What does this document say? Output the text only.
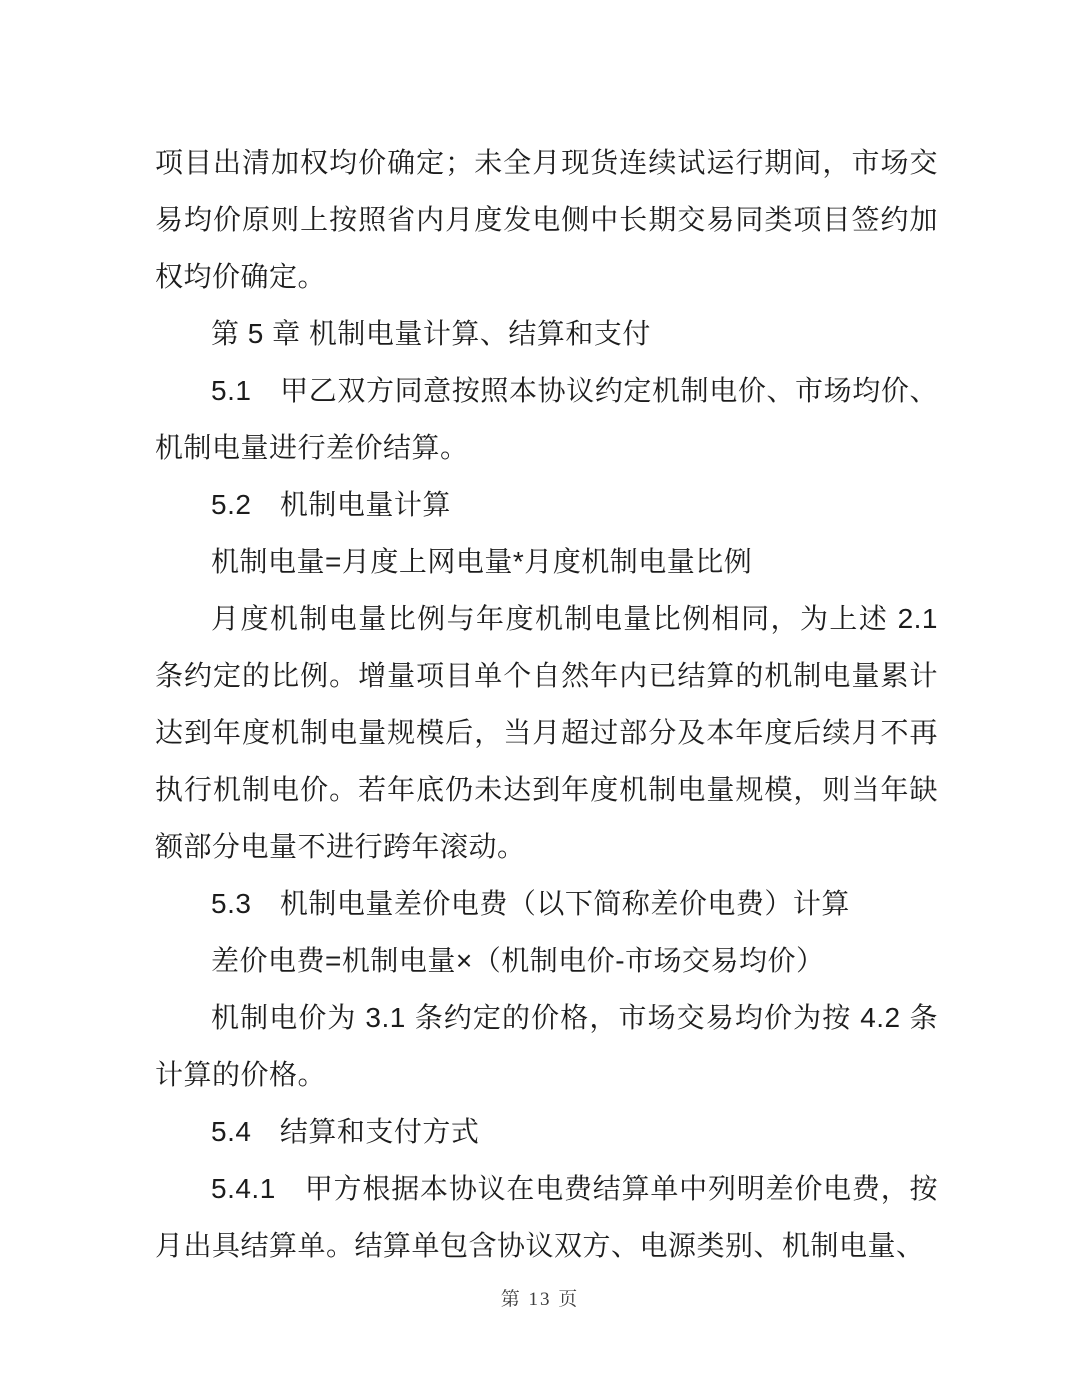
项目出清加权均价确定；未全月现货连续试运行期间，市场交易均价原则上按照省内月度发电侧中长期交易同类项目签约加权均价确定。

第 5 章 机制电量计算、结算和支付

5.1　甲乙双方同意按照本协议约定机制电价、市场均价、机制电量进行差价结算。

5.2　机制电量计算

机制电量=月度上网电量*月度机制电量比例

月度机制电量比例与年度机制电量比例相同，为上述 2.1 条约定的比例。增量项目单个自然年内已结算的机制电量累计达到年度机制电量规模后，当月超过部分及本年度后续月不再执行机制电价。若年底仍未达到年度机制电量规模，则当年缺额部分电量不进行跨年滚动。

5.3　机制电量差价电费（以下简称差价电费）计算

差价电费=机制电量×（机制电价-市场交易均价）

机制电价为 3.1 条约定的价格，市场交易均价为按 4.2 条计算的价格。

5.4　结算和支付方式

5.4.1　甲方根据本协议在电费结算单中列明差价电费，按月出具结算单。结算单包含协议双方、电源类别、机制电量、

第 13 页
